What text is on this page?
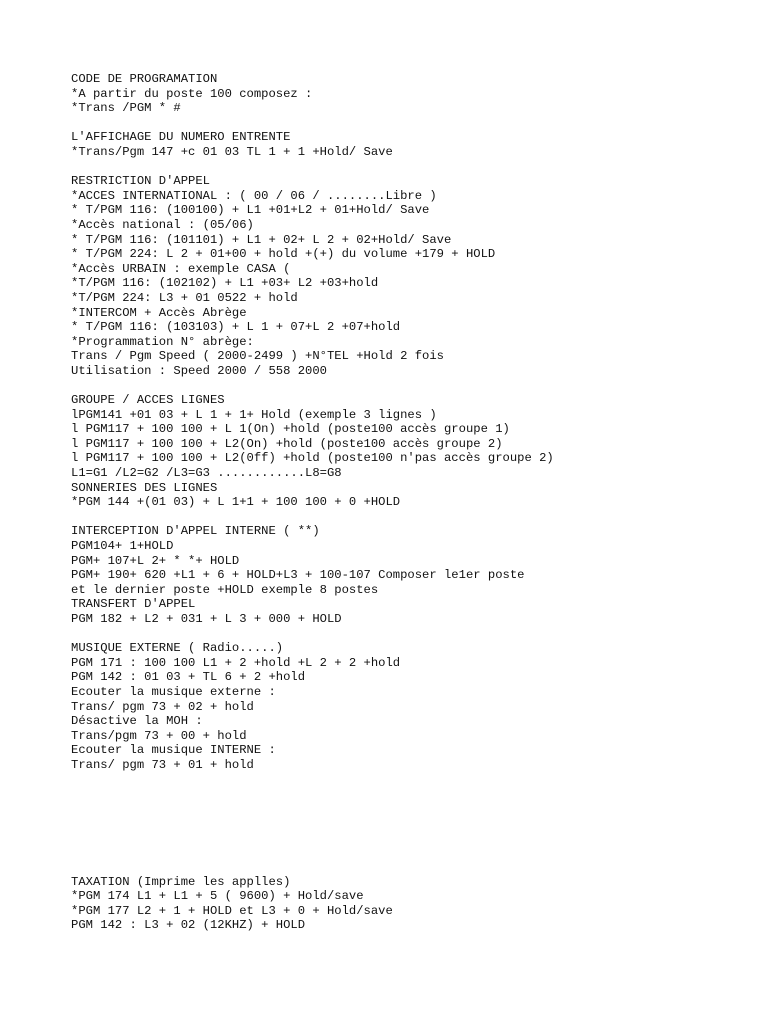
CODE DE PROGRAMATION
*A partir du poste 100 composez :
*Trans /PGM * #
L'AFFICHAGE DU NUMERO ENTRENTE
*Trans/Pgm 147 +c 01 03 TL 1 + 1 +Hold/ Save
RESTRICTION D'APPEL
*ACCES INTERNATIONAL : ( 00 / 06 / ........Libre )
* T/PGM 116: (100100) + L1 +01+L2 + 01+Hold/ Save
*Accès national : (05/06)
* T/PGM 116: (101101) + L1 + 02+ L 2 + 02+Hold/ Save
* T/PGM 224: L 2 + 01+00 + hold +(+) du volume +179 + HOLD
*Accès URBAIN : exemple CASA (
*T/PGM 116: (102102) + L1 +03+ L2 +03+hold
*T/PGM 224: L3 + 01 0522 + hold
*INTERCOM + Accès Abrège
* T/PGM 116: (103103) + L 1 + 07+L 2 +07+hold
*Programmation N° abrège:
Trans / Pgm Speed ( 2000-2499 ) +N°TEL +Hold 2 fois
Utilisation : Speed 2000 / 558 2000
GROUPE / ACCES LIGNES
lPGM141 +01 03 + L 1 + 1+ Hold (exemple 3 lignes )
l PGM117 + 100 100 + L 1(On) +hold (poste100 accès groupe 1)
l PGM117 + 100 100 + L2(On) +hold (poste100 accès groupe 2)
l PGM117 + 100 100 + L2(0ff) +hold (poste100 n'pas accès groupe 2)
L1=G1 /L2=G2 /L3=G3 ............L8=G8
SONNERIES DES LIGNES
*PGM 144 +(01 03) + L 1+1 + 100 100 + 0 +HOLD
INTERCEPTION D'APPEL INTERNE ( **)
PGM104+ 1+HOLD
PGM+ 107+L 2+ * *+ HOLD
PGM+ 190+ 620 +L1 + 6 + HOLD+L3 + 100-107 Composer le1er poste
et le dernier poste +HOLD exemple 8 postes
TRANSFERT D'APPEL
PGM 182 + L2 + 031 + L 3 + 000 + HOLD
MUSIQUE EXTERNE ( Radio.....)
PGM 171 : 100 100 L1 + 2 +hold +L 2 + 2 +hold
PGM 142 : 01 03 + TL 6 + 2 +hold
Ecouter la musique externe :
Trans/ pgm 73 + 02 + hold
Désactive la MOH :
Trans/pgm 73 + 00 + hold
Ecouter la musique INTERNE :
Trans/ pgm 73 + 01 + hold
TAXATION (Imprime les applles)
*PGM 174 L1 + L1 + 5 ( 9600) + Hold/save
*PGM 177 L2 + 1 + HOLD et L3 + 0 + Hold/save
PGM 142 : L3 + 02 (12KHZ) + HOLD
